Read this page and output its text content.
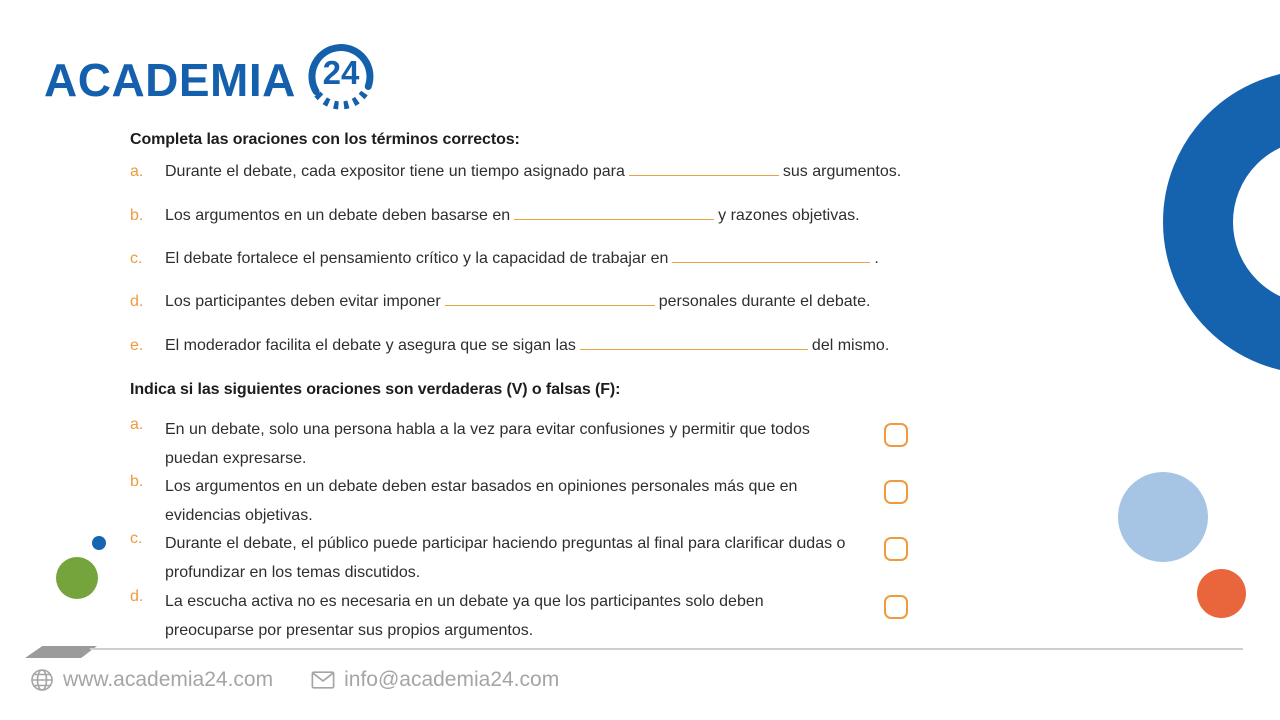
ACADEMIA 24
Completa las oraciones con los términos correctos:
a. Durante el debate, cada expositor tiene un tiempo asignado para	sus argumentos.
b. Los argumentos en un debate deben basarse en	y razones objetivas.
c. El debate fortalece el pensamiento crítico y la capacidad de trabajar en	.
d. Los participantes deben evitar imponer	personales durante el debate.
e. El moderador facilita el debate y asegura que se sigan las	del mismo.
Indica si las siguientes oraciones son verdaderas (V) o falsas (F):
a.	En un debate, solo una persona habla a la vez para evitar confusiones y permitir que todos puedan expresarse.
b.	Los argumentos en un debate deben estar basados en opiniones personales más que en evidencias objetivas.
c.	Durante el debate, el público puede participar haciendo preguntas al final para clarificar dudas o profundizar en los temas discutidos.
d.	La escucha activa no es necesaria en un debate ya que los participantes solo deben preocuparse por presentar sus propios argumentos.
www.academia24.com	info@academia24.com
